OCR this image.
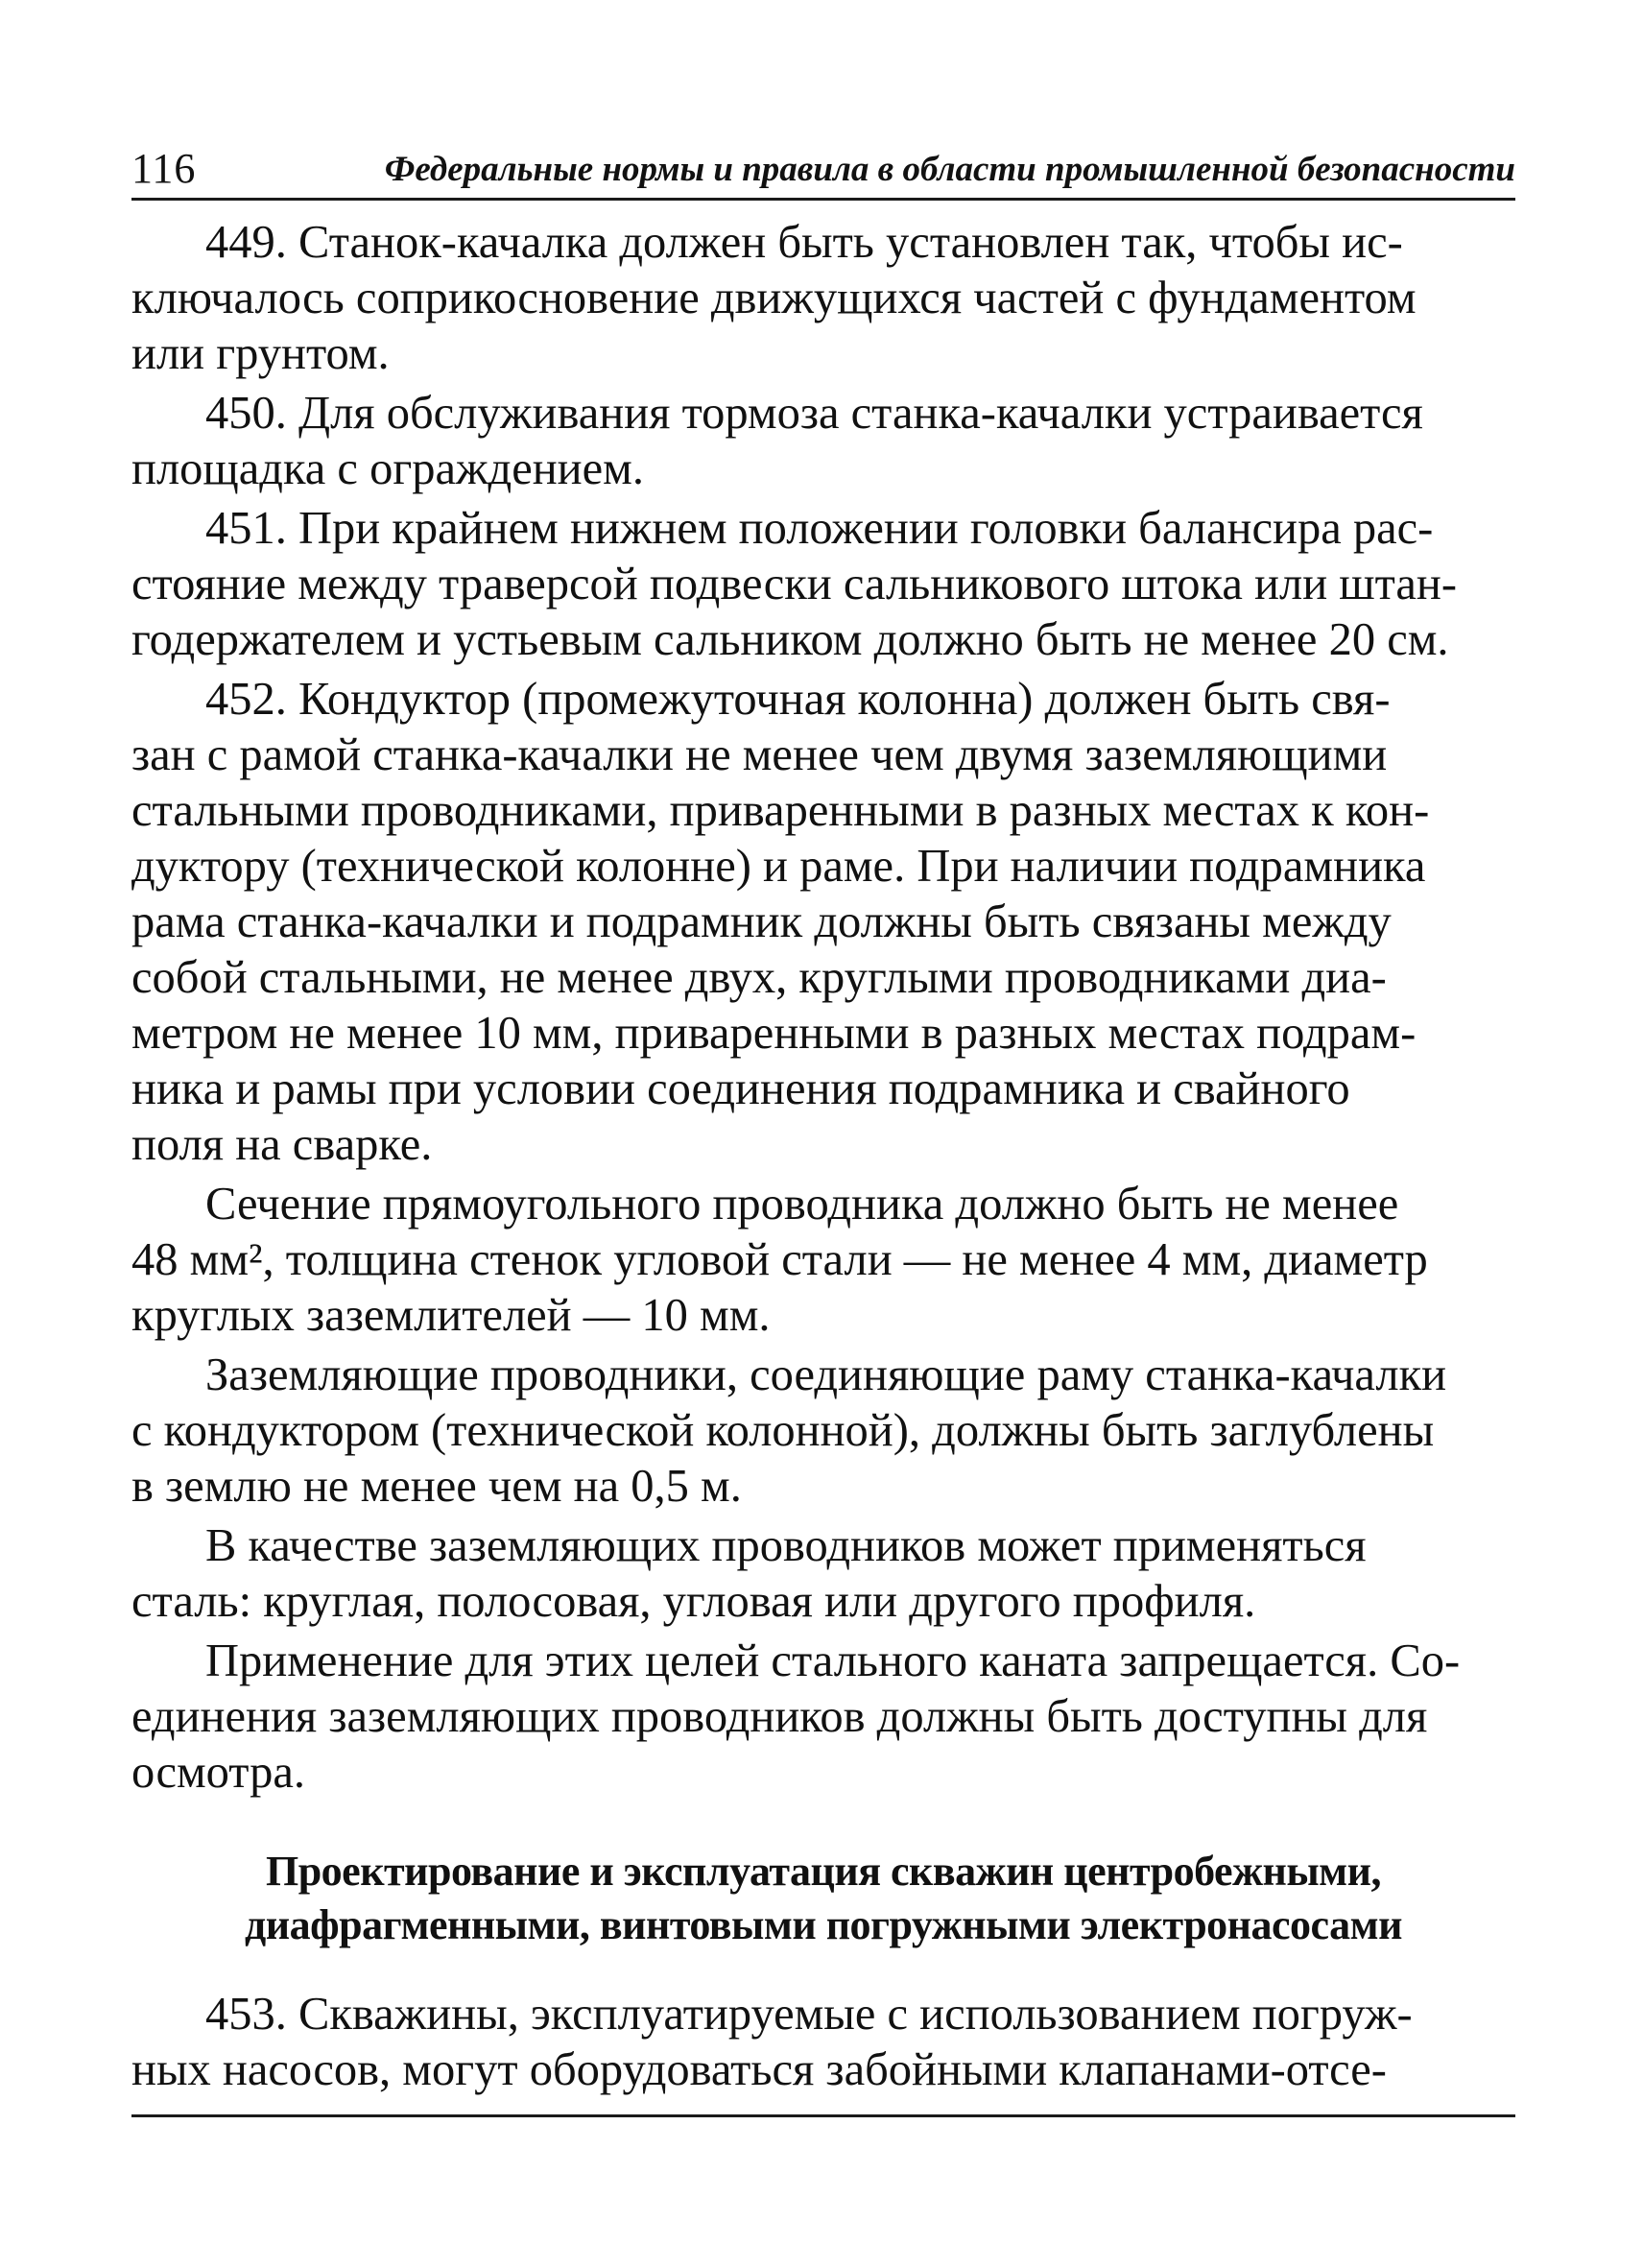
116	Федеральные нормы и правила в области промышленной безопасности

449. Станок-качалка должен быть установлен так, чтобы ис-
ключалось соприкосновение движущихся частей с фундаментом
или грунтом.

450. Для обслуживания тормоза станка-качалки устраивается
площадка с ограждением.

451. При крайнем нижнем положении головки балансира рас-
стояние между траверсой подвески сальникового штока или штан-
годержателем и устьевым сальником должно быть не менее 20 см.

452. Кондуктор (промежуточная колонна) должен быть свя-
зан с рамой станка-качалки не менее чем двумя заземляющими
стальными проводниками, приваренными в разных местах к кон-
дуктору (технической колонне) и раме. При наличии подрамника
рама станка-качалки и подрамник должны быть связаны между
собой стальными, не менее двух, круглыми проводниками диа-
метром не менее 10 мм, приваренными в разных местах подрам-
ника и рамы при условии соединения подрамника и свайного
поля на сварке.

Сечение прямоугольного проводника должно быть не менее
48 мм², толщина стенок угловой стали — не менее 4 мм, диаметр
круглых заземлителей — 10 мм.

Заземляющие проводники, соединяющие раму станка-качалки
с кондуктором (технической колонной), должны быть заглублены
в землю не менее чем на 0,5 м.

В качестве заземляющих проводников может применяться
сталь: круглая, полосовая, угловая или другого профиля.

Применение для этих целей стального каната запрещается. Со-
единения заземляющих проводников должны быть доступны для
осмотра.

Проектирование и эксплуатация скважин центробежными,
диафрагменными, винтовыми погружными электронасосами

453. Скважины, эксплуатируемые с использованием погруж-
ных насосов, могут оборудоваться забойными клапанами-отсе-
